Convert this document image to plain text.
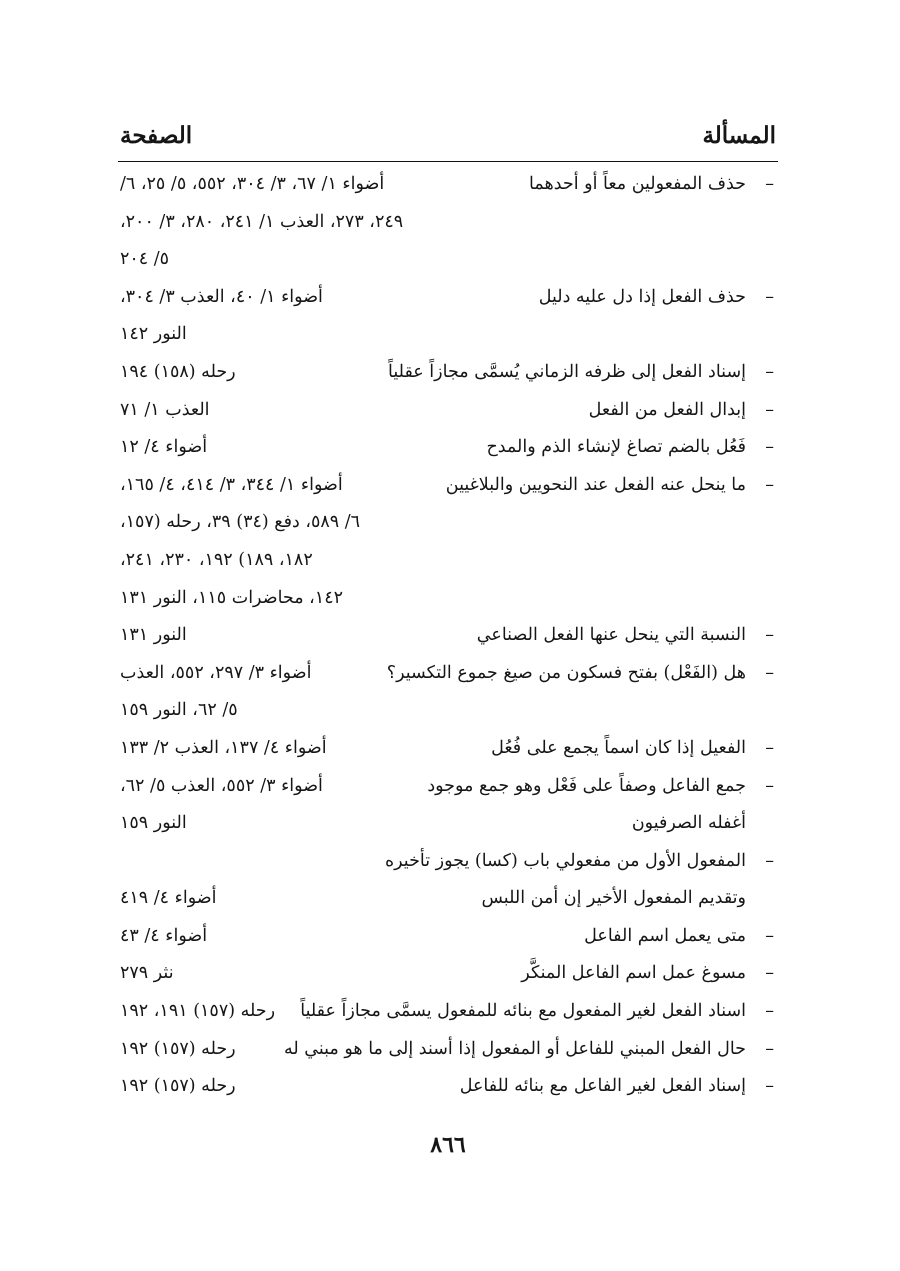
المسألة
الصفحة
–
حذف المفعولين معاً أو أحدهما
أضواء ١/ ٦٧، ٣/ ٣٠٤، ٥٥٢، ٥/ ٢٥، ٦/
٢٤٩، ٢٧٣، العذب ١/ ٢٤١، ٢٨٠، ٣/ ٢٠٠،
٥/ ٢٠٤
–
حذف الفعل إذا دل عليه دليل
أضواء ١/ ٤٠، العذب ٣/ ٣٠٤،
النور ١٤٢
–
إسناد الفعل إلى ظرفه الزماني يُسمَّى مجازاً عقلياً
رحله (١٥٨) ١٩٤
–
إبدال الفعل من الفعل
العذب ١/ ٧١
–
فَعُل بالضم تصاغ لإنشاء الذم والمدح
أضواء ٤/ ١٢
–
ما ينحل عنه الفعل عند النحويين والبلاغيين
أضواء ١/ ٣٤٤، ٣/ ٤١٤، ٤/ ١٦٥،
٦/ ٥٨٩، دفع (٣٤) ٣٩، رحله (١٥٧،
١٨٢، ١٨٩) ١٩٢، ٢٣٠، ٢٤١،
١٤٢، محاضرات ١١٥، النور ١٣١
–
النسبة التي ينحل عنها الفعل الصناعي
النور ١٣١
–
هل (الفَعْل) بفتح فسكون من صيغ جموع التكسير؟
أضواء ٣/ ٢٩٧، ٥٥٢، العذب
٥/ ٦٢، النور ١٥٩
–
الفعيل إذا كان اسماً يجمع على فُعُل
أضواء ٤/ ١٣٧، العذب ٢/ ١٣٣
–
جمع الفاعل وصفاً على فَعْل وهو جمع موجود
أضواء ٣/ ٥٥٢، العذب ٥/ ٦٢،
أغفله الصرفيون
النور ١٥٩
–
المفعول الأول من مفعولي باب (كسا) يجوز تأخيره
وتقديم المفعول الأخير إن أمن اللبس
أضواء ٤/ ٤١٩
–
متى يعمل اسم الفاعل
أضواء ٤/ ٤٣
–
مسوغ عمل اسم الفاعل المنكَّر
نثر ٢٧٩
–
اسناد الفعل لغير المفعول مع بنائه للمفعول يسمَّى مجازاً عقلياً
رحله (١٥٧) ١٩١، ١٩٢
–
حال الفعل المبني للفاعل أو المفعول إذا أسند إلى ما هو مبني له
رحله (١٥٧) ١٩٢
–
إسناد الفعل لغير الفاعل مع بنائه للفاعل
رحله (١٥٧) ١٩٢
٨٦٦
